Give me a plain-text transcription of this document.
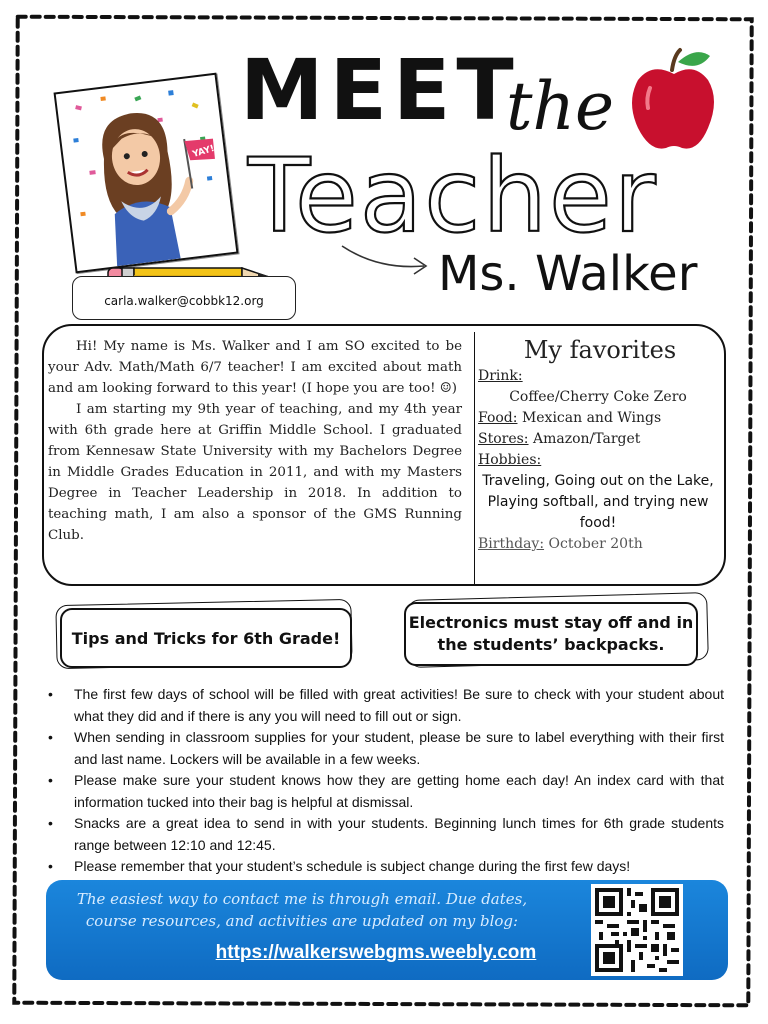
YAY!
MEET
the
Teacher
Ms. Walker
carla.walker@cobbk12.org

Hi! My name is Ms. Walker and I am SO excited to be your Adv. Math/Math 6/7 teacher! I am excited about math and am looking forward to this year! (I hope you are too! ☺)

I am starting my 9th year of teaching, and my 4th year with 6th grade here at Griffin Middle School. I graduated from Kennesaw State University with my Bachelors Degree in Middle Grades Education in 2011, and with my Masters Degree in Teacher Leadership in 2018. In addition to teaching math, I am also a sponsor of the GMS Running Club.

My favorites
Drink:
Coffee/Cherry Coke Zero
Food: Mexican and Wings
Stores: Amazon/Target
Hobbies:
Traveling, Going out on the Lake, Playing softball, and trying new food!
Birthday: October 20th
Tips and Tricks for 6th Grade!
Electronics must stay off and in the students’ backpacks.
• The first few days of school will be filled with great activities! Be sure to check with your student about what they did and if there is any you will need to fill out or sign.
• When sending in classroom supplies for your student, please be sure to label everything with their first and last name. Lockers will be available in a few weeks.
• Please make sure your student knows how they are getting home each day! An index card with that information tucked into their bag is helpful at dismissal.
• Snacks are a great idea to send in with your students. Beginning lunch times for 6th grade students range between 12:10 and 12:45.
• Please remember that your student’s schedule is subject change during the first few days!
The easiest way to contact me is through email. Due dates, course resources, and activities are updated on my blog:
https://walkerswebgms.weebly.com
